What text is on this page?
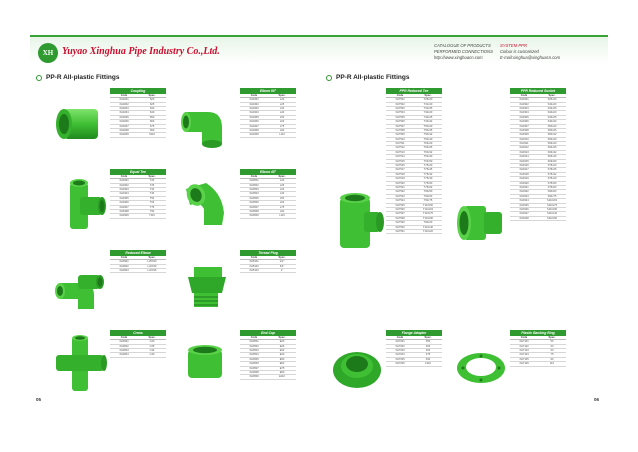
XH Yuyao Xinghua Pipe Industry Co.,Ltd.
CATALOGUE OF PRODUCTS	SYSTEM PPR
PERFORMED CONNECTIONS Colour is customized
http://www.xinghuacn.com	E-mail:xinghua@xinghuacn.com
PP-R All-plastic Fittings	PP-R All-plastic Fittings
Coupling
Code	Spec.
XH0201	S20
XH0202	S25
XH0203	S32
XH0204	S40
XH0205	S50
XH0206	S63
XH0207	S75
XH0208	S90
XH0209	S110
Elbow 90°
Code	Spec.
XH0401	L20
XH0402	L25
XH0403	L32
XH0404	L40
XH0405	L50
XH0406	L63
XH0407	L75
XH0408	L90
XH0409	L110
Equal Tee
Code	Spec.
XH0301	T20
XH0302	T25
XH0303	T32
XH0304	T40
XH0305	T50
XH0306	T63
XH0307	T75
XH0308	T90
XH0309	T110
Elbow 45°
Code	Spec.
XH0501	L20
XH0502	L25
XH0503	L32
XH0504	L40
XH0505	L50
XH0506	L63
XH0507	L75
XH0508	L90
XH0509	L110
Reduced Elbow
Code	Spec.
XH0901	L25X20
XH0902	L32X20
XH0903	L32X25
Thread Plug
Code	Spec.
XH5101	1/2"
XH5102	3/4"
XH5103	1"
Cross
Code	Spec.
XH0601	C20
XH0602	C25
XH0603	C32
XH0604	C40
End Cap
Code	Spec.
XH0501	E20
XH0502	E25
XH0503	E32
XH0504	E40
XH0505	E50
XH0506	E63
XH0507	E75
XH0508	E90
XH0509	E110
PPR Reduced Tee
Code	Spec.
XH7501	T25x20
XH7502	T32x20
XH7503	T32x25
XH7504	T40x20
XH7505	T40x25
XH7506	T40x32
XH7507	T50x20
XH7508	T50x25
XH7509	T50x32
XH7510	T50x40
XH7511	T63x20
XH7512	T63x25
XH7513	T63x32
XH7514	T63x40
XH7515	T63x50
XH7516	T75x20
XH7517	T75x25
XH7518	T75x32
XH7519	T75x40
XH7520	T75x50
XH7521	T75x63
XH7522	T90x50
XH7523	T90x63
XH7524	T90x75
XH7525	T110x50
XH7526	T110x63
XH7527	T110x75
XH7528	T110x90
XH7529	T90x20
XH7530	T110x40
XH7531	T110x20
PPR Reduced Socket
Code	Spec.
XH0301	S25x20
XH0302	S32x20
XH0303	S32x25
XH0304	S40x20
XH0305	S40x25
XH0306	S40x32
XH0307	S50x20
XH0308	S50x25
XH0309	S50x32
XH0310	S50x40
XH0311	S63x20
XH0312	S63x25
XH0313	S63x32
XH0314	S63x40
XH0315	S63x50
XH0316	S75x20
XH0317	S75x25
XH0318	S75x32
XH0319	S75x40
XH0320	S75x50
XH0321	S75x63
XH0322	S90x63
XH0323	S90x75
XH0324	S110x63
XH0325	S110x75
XH0326	S110x90
XH0327	S110x40
XH0328	S110x50
Flange Adapter
Code	Spec.
XH7001	F50
XH7002	F63
XH7003	F63
XH7004	F75
XH7005	F90
XH7006	F110
Plastic Backing Ring
Code	Spec.
XH7101	50
XH7102	63
XH7103	63
XH7104	75
XH7105	90
XH7106	110
05	06
